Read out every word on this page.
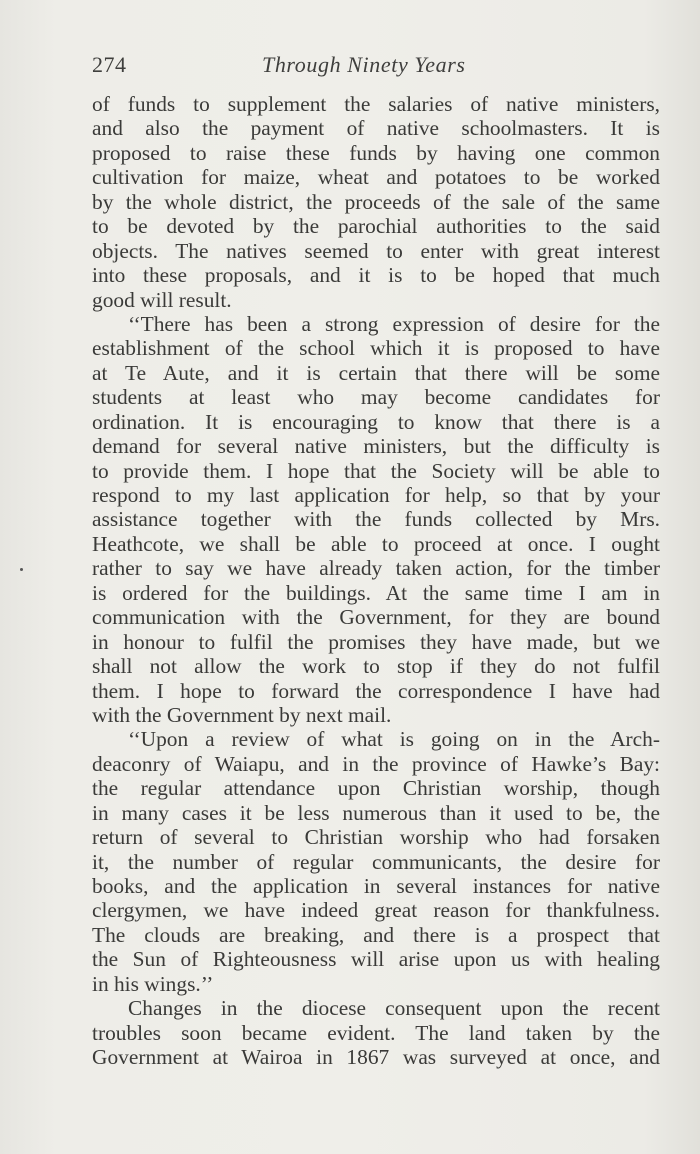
274	Through Ninety Years
of funds to supplement the salaries of native ministers,
and also the payment of native schoolmasters. It is
proposed to raise these funds by having one common
cultivation for maize, wheat and potatoes to be worked
by the whole district, the proceeds of the sale of the same
to be devoted by the parochial authorities to the said
objects. The natives seemed to enter with great interest
into these proposals, and it is to be hoped that much
good will result.
‘‘There has been a strong expression of desire for the
establishment of the school which it is proposed to have
at Te Aute, and it is certain that there will be some
students at least who may become candidates for
ordination. It is encouraging to know that there is a
demand for several native ministers, but the difficulty is
to provide them. I hope that the Society will be able to
respond to my last application for help, so that by your
assistance together with the funds collected by Mrs.
Heathcote, we shall be able to proceed at once. I ought
rather to say we have already taken action, for the timber
is ordered for the buildings. At the same time I am in
communication with the Government, for they are bound
in honour to fulfil the promises they have made, but we
shall not allow the work to stop if they do not fulfil
them. I hope to forward the correspondence I have had
with the Government by next mail.
‘‘Upon a review of what is going on in the Arch-
deaconry of Waiapu, and in the province of Hawke’s Bay:
the regular attendance upon Christian worship, though
in many cases it be less numerous than it used to be, the
return of several to Christian worship who had forsaken
it, the number of regular communicants, the desire for
books, and the application in several instances for native
clergymen, we have indeed great reason for thankfulness.
The clouds are breaking, and there is a prospect that
the Sun of Righteousness will arise upon us with healing
in his wings.’’
Changes in the diocese consequent upon the recent
troubles soon became evident. The land taken by the
Government at Wairoa in 1867 was surveyed at once, and
